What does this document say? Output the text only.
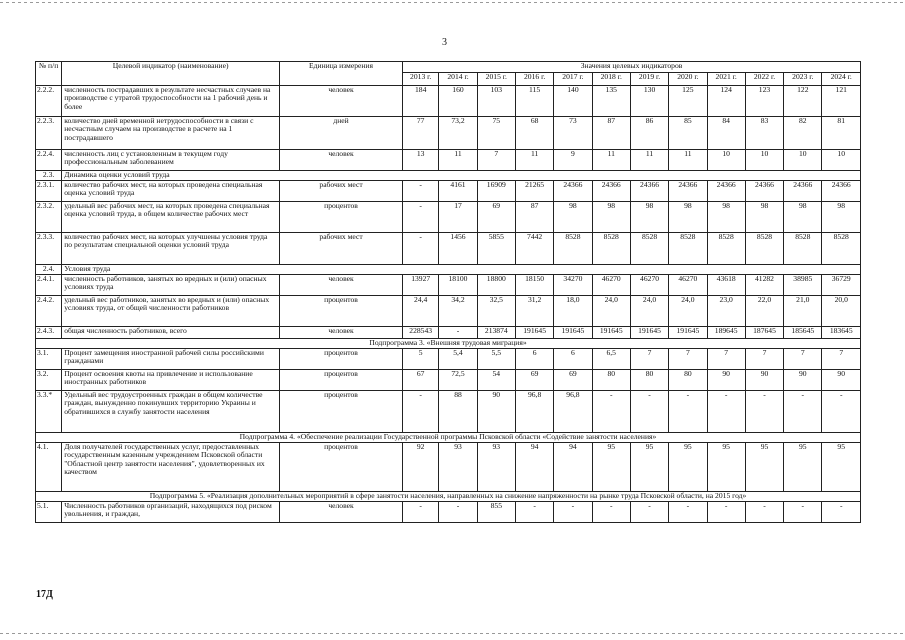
3
№ п/п	Целевой индикатор (наименование)	Единица измерения	Значения целевых индикаторов											
			2013 г.	2014 г.	2015 г.	2016 г.	2017 г.	2018 г.	2019 г.	2020 г.	2021 г.	2022 г.	2023 г.	2024 г.
2.2.2.	численность пострадавших в результате несчастных случаев на производстве с утратой трудоспособности на 1 рабочий день и более	человек	184	160	103	115	140	135	130	125	124	123	122	121
2.2.3.	количество дней временной нетрудоспособности в связи с несчастным случаем на производстве в расчете на 1 пострадавшего	дней	77	73,2	75	68	73	87	86	85	84	83	82	81
2.2.4.	численность лиц с установленным в текущем году профессиональным заболеванием	человек	13	11	7	11	9	11	11	11	10	10	10	10
2.3.	Динамика оценки условий труда													
2.3.1.	количество рабочих мест, на которых проведена специальная оценка условий труда	рабочих мест	-	4161	16909	21265	24366	24366	24366	24366	24366	24366	24366	24366
2.3.2.	удельный вес рабочих мест, на которых проведена специальная оценка условий труда, в общем количестве рабочих мест	процентов	-	17	69	87	98	98	98	98	98	98	98	98
2.3.3.	количество рабочих мест, на которых улучшены условия труда по результатам специальной оценки условий труда	рабочих мест	-	1456	5855	7442	8528	8528	8528	8528	8528	8528	8528	8528
2.4.	Условия труда													
2.4.1.	численность работников, занятых во вредных и (или) опасных условиях труда	человек	13927	18100	18800	18150	34270	46270	46270	46270	43618	41282	38985	36729
2.4.2.	удельный вес работников, занятых во вредных и (или) опасных условиях труда, от общей численности работников	процентов	24,4	34,2	32,5	31,2	18,0	24,0	24,0	24,0	23,0	22,0	21,0	20,0
2.4.3.	общая численность работников, всего	человек	228543	-	213874	191645	191645	191645	191645	191645	189645	187645	185645	183645
Подпрограмма 3. «Внешняя трудовая миграция»														
3.1.	Процент замещения иностранной рабочей силы российскими гражданами	процентов	5	5,4	5,5	6	6	6,5	7	7	7	7	7	7
3.2.	Процент освоения квоты на привлечение и использование иностранных работников	процентов	67	72,5	54	69	69	80	80	80	90	90	90	90
3.3.*	Удельный вес трудоустроенных граждан в общем количестве граждан, вынужденно покинувших территорию Украины и обратившихся в службу занятости населения	процентов	-	88	90	96,8	96,8	-	-	-	-	-	-	-
Подпрограмма 4. «Обеспечение реализации Государственной программы Псковской области «Содействие занятости населения»														
4.1.	Доля получателей государственных услуг, предоставленных государственным казенным учреждением Псковской области "Областной центр занятости населения", удовлетворенных их качеством	процентов	92	93	93	94	94	95	95	95	95	95	95	95
Подпрограмма 5. «Реализация дополнительных мероприятий в сфере занятости населения, направленных на снижение напряженности на рынке труда Псковской области, на 2015 год»														
5.1.	Численность работников организаций, находящихся под риском увольнения, и граждан,	человек	-	-	855	-	-	-	-	-	-	-	-	-
17Д
